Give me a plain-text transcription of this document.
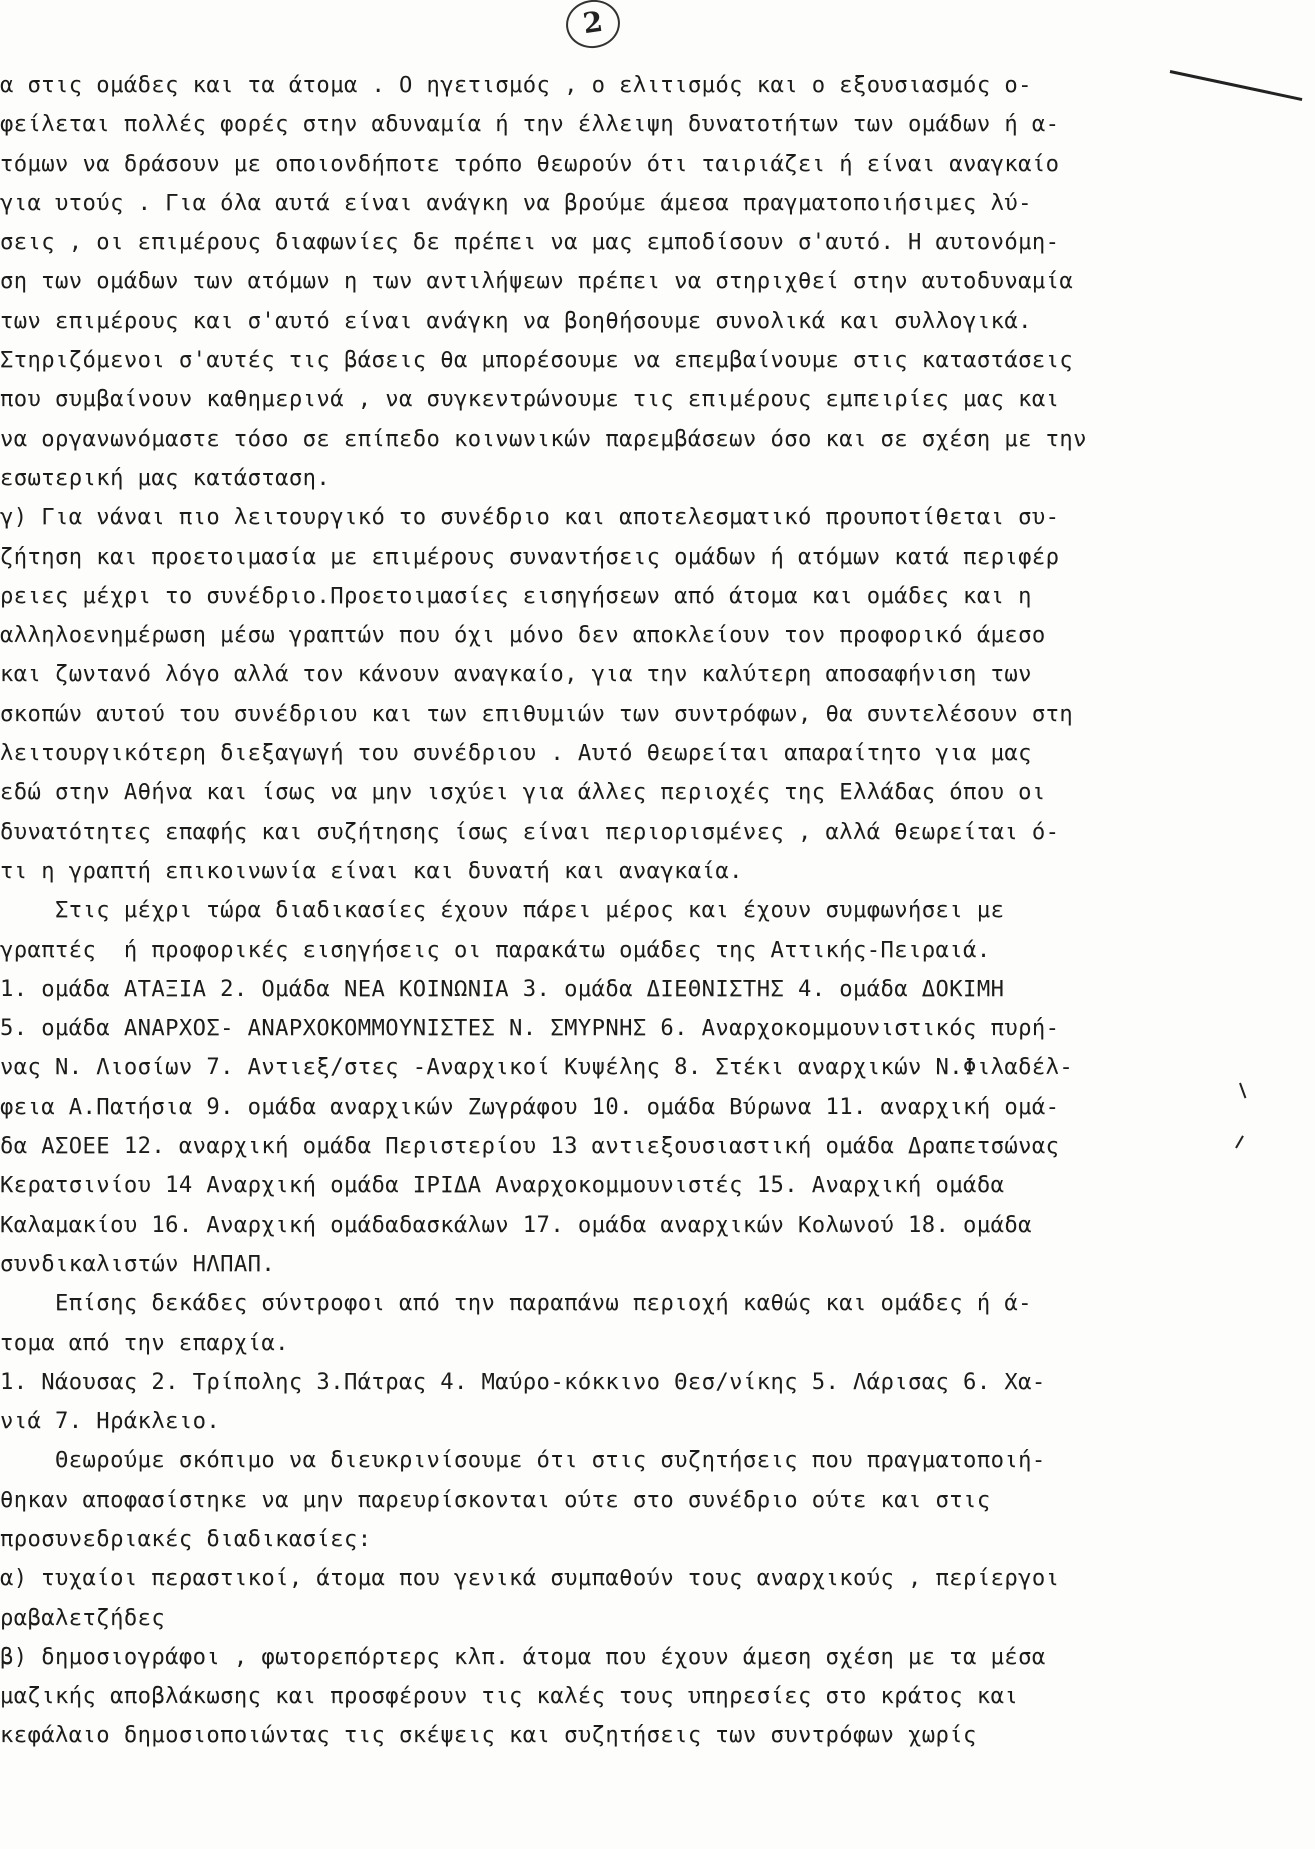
2
α στις ομάδες και τα άτομα . Ο ηγετισμός , ο ελιτισμός και ο εξουσιασμός ο-
φείλεται πολλές φορές στην αδυναμία ή την έλλειψη δυνατοτήτων των ομάδων ή α-
τόμων να δράσουν με οποιονδήποτε τρόπο θεωρούν ότι ταιριάζει ή είναι αναγκαίο
για υτούς . Για όλα αυτά είναι ανάγκη να βρούμε άμεσα πραγματοποιήσιμες λύ-
σεις , οι επιμέρους διαφωνίες δε πρέπει να μας εμποδίσουν σ'αυτό. Η αυτονόμη-
ση των ομάδων των ατόμων η των αντιλήψεων πρέπει να στηριχθεί στην αυτοδυναμία
των επιμέρους και σ'αυτό είναι ανάγκη να βοηθήσουμε συνολικά και συλλογικά.
Στηριζόμενοι σ'αυτές τις βάσεις θα μπορέσουμε να επεμβαίνουμε στις καταστάσεις
που συμβαίνουν καθημερινά , να συγκεντρώνουμε τις επιμέρους εμπειρίες μας και
να οργανωνόμαστε τόσο σε επίπεδο κοινωνικών παρεμβάσεων όσο και σε σχέση με την
εσωτερική μας κατάσταση.
γ) Για νάναι πιο λειτουργικό το συνέδριο και αποτελεσματικό προυποτίθεται συ-
ζήτηση και προετοιμασία με επιμέρους συναντήσεις ομάδων ή ατόμων κατά περιφέρ
ρειες μέχρι το συνέδριο.Προετοιμασίες εισηγήσεων από άτομα και ομάδες και η
αλληλοενημέρωση μέσω γραπτών που όχι μόνο δεν αποκλείουν τον προφορικό άμεσο
και ζωντανό λόγο αλλά τον κάνουν αναγκαίο, για την καλύτερη αποσαφήνιση των
σκοπών αυτού του συνέδριου και των επιθυμιών των συντρόφων, θα συντελέσουν στη
λειτουργικότερη διεξαγωγή του συνέδριου . Αυτό θεωρείται απαραίτητο για μας
εδώ στην Αθήνα και ίσως να μην ισχύει για άλλες περιοχές της Ελλάδας όπου οι
δυνατότητες επαφής και συζήτησης ίσως είναι περιορισμένες , αλλά θεωρείται ό-
τι η γραπτή επικοινωνία είναι και δυνατή και αναγκαία.
Στις μέχρι τώρα διαδικασίες έχουν πάρει μέρος και έχουν συμφωνήσει με
γραπτές  ή προφορικές εισηγήσεις οι παρακάτω ομάδες της Αττικής-Πειραιά.
1. ομάδα ΑΤΑΞΙΑ 2. Ομάδα ΝΕΑ ΚΟΙΝΩΝΙΑ 3. ομάδα ΔΙΕΘΝΙΣΤΗΣ 4. ομάδα ΔΟΚΙΜΗ
5. ομάδα ΑΝΑΡΧΟΣ- ΑΝΑΡΧΟΚΟΜΜΟΥΝΙΣΤΕΣ Ν. ΣΜΥΡΝΗΣ 6. Αναρχοκομμουνιστικός πυρή-
νας Ν. Λιοσίων 7. Αντιεξ/στες -Αναρχικοί Κυψέλης 8. Στέκι αναρχικών Ν.Φιλαδέλ-
φεια Α.Πατήσια 9. ομάδα αναρχικών Ζωγράφου 10. ομάδα Βύρωνα 11. αναρχική ομά-
δα ΑΣΟΕΕ 12. αναρχική ομάδα Περιστερίου 13 αντιεξουσιαστική ομάδα Δραπετσώνας
Κερατσινίου 14 Αναρχική ομάδα ΙΡΙΔΑ Αναρχοκομμουνιστές 15. Αναρχική ομάδα
Καλαμακίου 16. Αναρχική ομάδαδασκάλων 17. ομάδα αναρχικών Κολωνού 18. ομάδα
συνδικαλιστών ΗΛΠΑΠ.
Επίσης δεκάδες σύντροφοι από την παραπάνω περιοχή καθώς και ομάδες ή ά-
τομα από την επαρχία.
1. Νάουσας 2. Τρίπολης 3.Πάτρας 4. Μαύρο-κόκκινο Θεσ/νίκης 5. Λάρισας 6. Χα-
νιά 7. Ηράκλειο.
Θεωρούμε σκόπιμο να διευκρινίσουμε ότι στις συζητήσεις που πραγματοποιή-
θηκαν αποφασίστηκε να μην παρευρίσκονται ούτε στο συνέδριο ούτε και στις
προσυνεδριακές διαδικασίες:
α) τυχαίοι περαστικοί, άτομα που γενικά συμπαθούν τους αναρχικούς , περίεργοι
ραβαλετζήδες
β) δημοσιογράφοι , φωτορεπόρτερς κλπ. άτομα που έχουν άμεση σχέση με τα μέσα
μαζικής αποβλάκωσης και προσφέρουν τις καλές τους υπηρεσίες στο κράτος και
κεφάλαιο δημοσιοποιώντας τις σκέψεις και συζητήσεις των συντρόφων χωρίς
